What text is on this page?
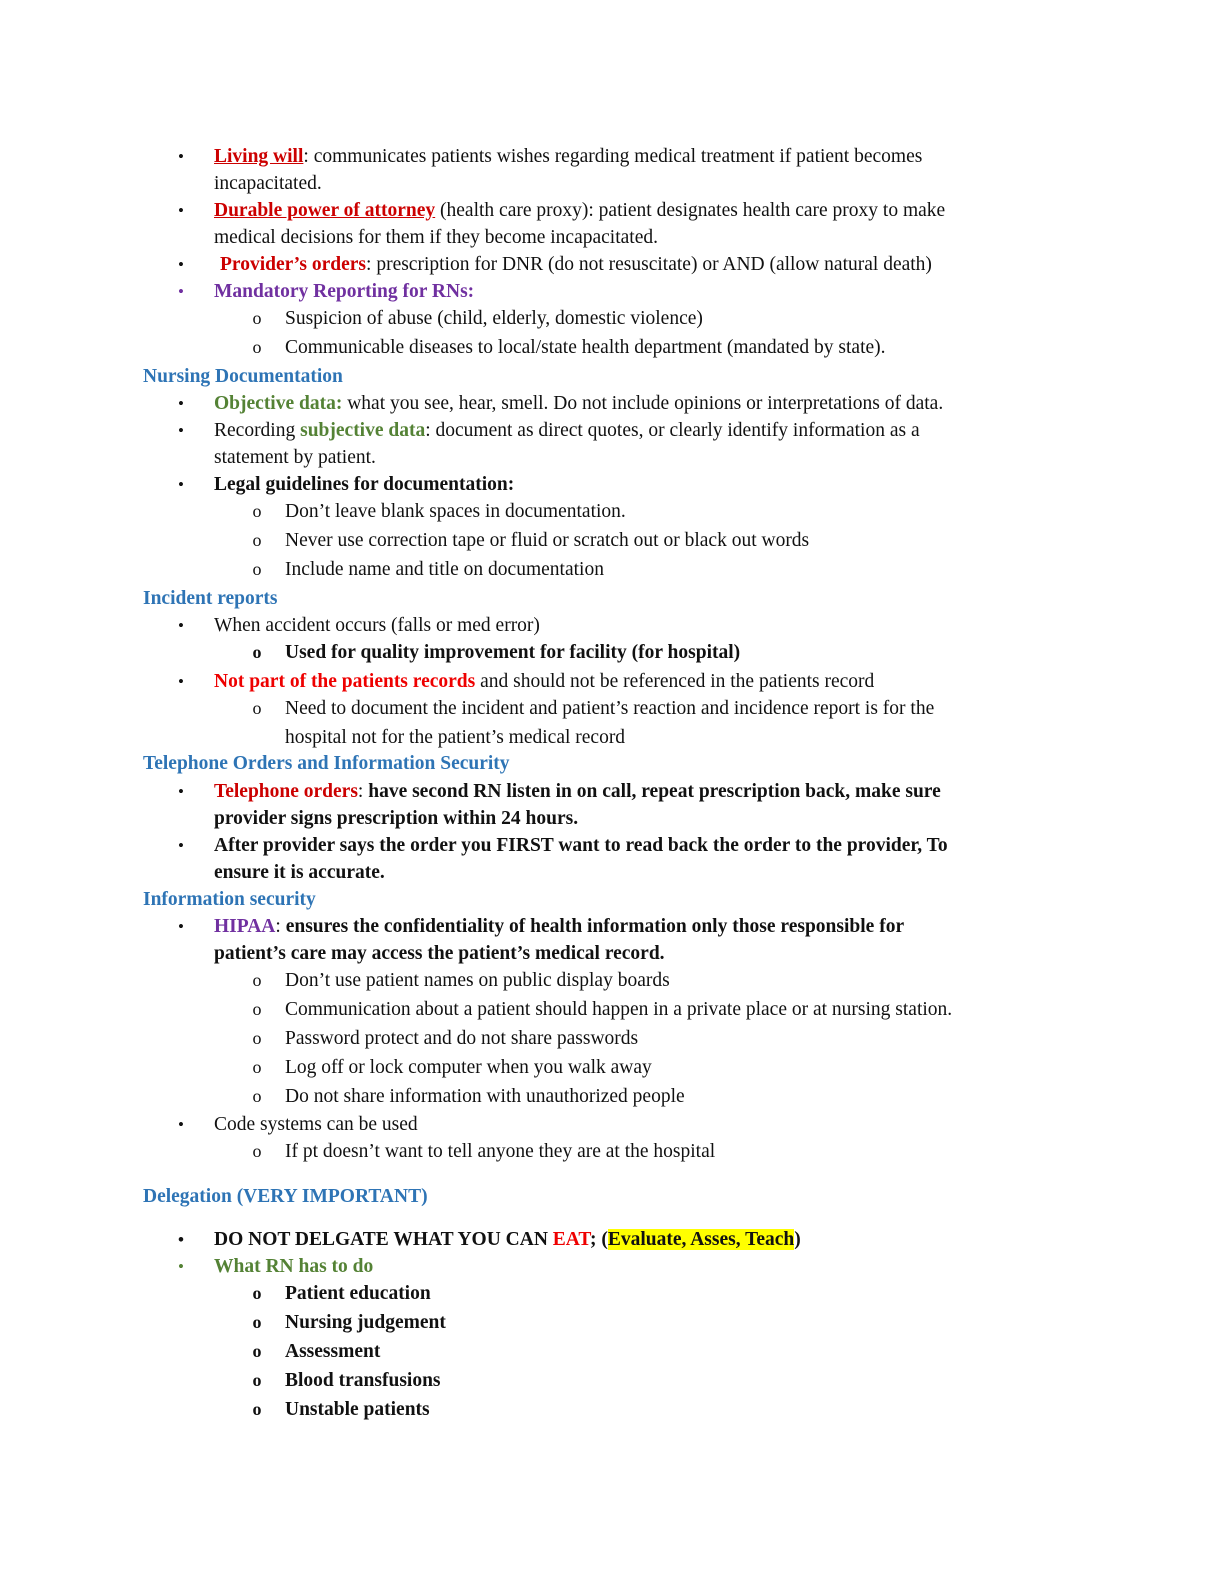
• Living will: communicates patients wishes regarding medical treatment if patient becomes
incapacitated.
• Durable power of attorney (health care proxy): patient designates health care proxy to make
medical decisions for them if they become incapacitated.
• Provider’s orders: prescription for DNR (do not resuscitate) or AND (allow natural death)
• Mandatory Reporting for RNs:
o Suspicion of abuse (child, elderly, domestic violence)
o Communicable diseases to local/state health department (mandated by state).
Nursing Documentation
• Objective data: what you see, hear, smell. Do not include opinions or interpretations of data.
• Recording subjective data: document as direct quotes, or clearly identify information as a
statement by patient.
• Legal guidelines for documentation:
o Don’t leave blank spaces in documentation.
o Never use correction tape or fluid or scratch out or black out words
o Include name and title on documentation
Incident reports
• When accident occurs (falls or med error)
o Used for quality improvement for facility (for hospital)
• Not part of the patients records and should not be referenced in the patients record
o Need to document the incident and patient’s reaction and incidence report is for the
hospital not for the patient’s medical record
Telephone Orders and Information Security
• Telephone orders: have second RN listen in on call, repeat prescription back, make sure
provider signs prescription within 24 hours.
• After provider says the order you FIRST want to read back the order to the provider, To
ensure it is accurate.
Information security
• HIPAA: ensures the confidentiality of health information only those responsible for
patient’s care may access the patient’s medical record.
o Don’t use patient names on public display boards
o Communication about a patient should happen in a private place or at nursing station.
o Password protect and do not share passwords
o Log off or lock computer when you walk away
o Do not share information with unauthorized people
• Code systems can be used
o If pt doesn’t want to tell anyone they are at the hospital
Delegation (VERY IMPORTANT)
• DO NOT DELGATE WHAT YOU CAN EAT; (Evaluate, Asses, Teach)
• What RN has to do
o Patient education
o Nursing judgement
o Assessment
o Blood transfusions
o Unstable patients
